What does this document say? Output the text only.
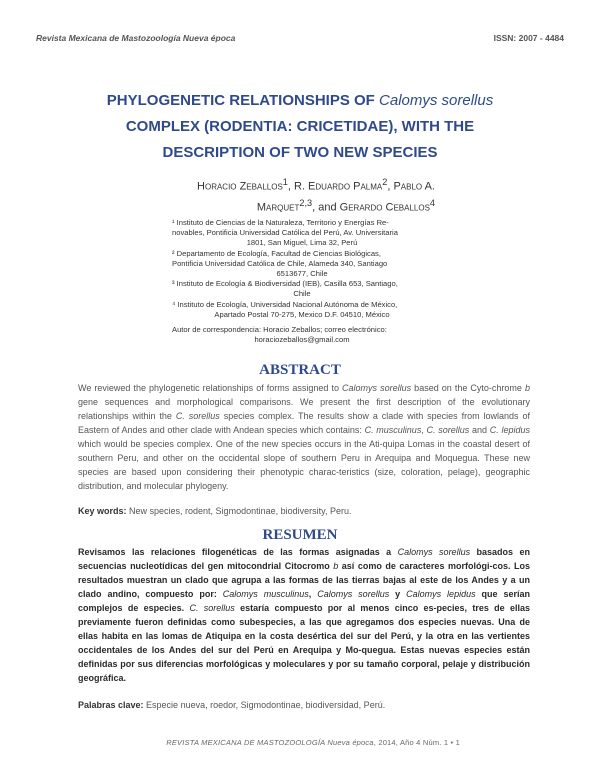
Revista Mexicana de Mastozoología Nueva época	ISSN: 2007 - 4484
PHYLOGENETIC RELATIONSHIPS OF Calomys sorellus
COMPLEX (RODENTIA: CRICETIDAE), WITH THE
DESCRIPTION OF TWO NEW SPECIES
Horacio Zeballos$^1$, R. Eduardo Palma$^2$, Pablo A.
Marquet$^{2,3}$, and Gerardo Ceballos$^4$
¹ Instituto de Ciencias de la Naturaleza, Territorio y Energías Re-
novables, Pontificia Universidad Católica del Perú, Av. Universitaria
1801, San Miguel, Lima 32, Perú
² Departamento de Ecología, Facultad de Ciencias Biológicas,
Pontificia Universidad Católica de Chile, Alameda 340, Santiago
6513677, Chile
³ Instituto de Ecología & Biodiversidad (IEB), Casilla 653, Santiago,
Chile
⁴ Instituto de Ecología, Universidad Nacional Autónoma de México,
Apartado Postal 70-275, Mexico D.F. 04510, México
Autor de correspondencia: Horacio Zeballos; correo electrónico:
horaciozeballos@gmail.com
ABSTRACT
We reviewed the phylogenetic relationships of forms assigned to Calomys sorellus based on the Cyto-chrome b gene sequences and morphological comparisons. We present the first description of the evolutionary relationships within the C. sorellus species complex. The results show a clade with species from lowlands of Eastern of Andes and other clade with Andean species which contains: C. musculinus, C. sorellus and C. lepidus which would be species complex. One of the new species occurs in the Ati-quipa Lomas in the coastal desert of southern Peru, and other on the occidental slope of southern Peru in Arequipa and Moquegua. These new species are based upon considering their phenotypic charac-teristics (size, coloration, pelage), geographic distribution, and molecular phylogeny.
Key words: New species, rodent, Sigmodontinae, biodiversity, Peru.
RESUMEN
Revisamos las relaciones filogenéticas de las formas asignadas a Calomys sorellus basados en secuencias nucleotídicas del gen mitocondrial Citocromo b así como de caracteres morfológi-cos. Los resultados muestran un clado que agrupa a las formas de las tierras bajas al este de los Andes y a un clado andino, compuesto por: Calomys musculinus, Calomys sorellus y Calomys lepidus que serían complejos de especies. C. sorellus estaría compuesto por al menos cinco es-pecies, tres de ellas previamente fueron definidas como subespecies, a las que agregamos dos especies nuevas. Una de ellas habita en las lomas de Atiquipa en la costa desértica del sur del Perú, y la otra en las vertientes occidentales de los Andes del sur del Perú en Arequipa y Mo-quegua. Estas nuevas especies están definidas por sus diferencias morfológicas y moleculares y por su tamaño corporal, pelaje y distribución geográfica.
Palabras clave: Especie nueva, roedor, Sigmodontinae, biodiversidad, Perú.
REVISTA MEXICANA DE MASTOZOOLOGÍA Nueva época, 2014, Año 4 Núm. 1 • 1
